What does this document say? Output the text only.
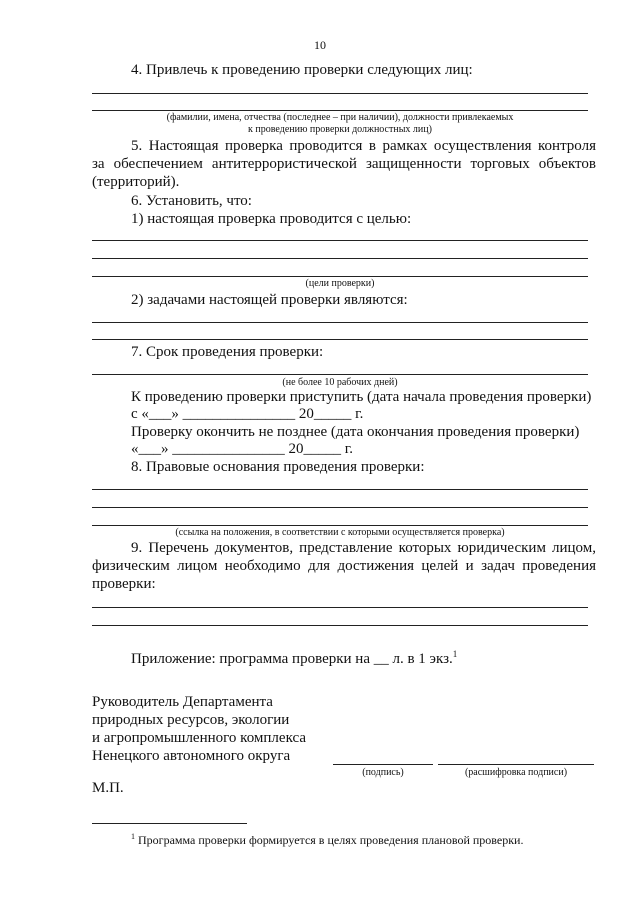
10
4. Привлечь к проведению проверки следующих лиц:
(фамилии, имена, отчества (последнее – при наличии), должности привлекаемых
к проведению проверки должностных лиц)
5. Настоящая проверка проводится в рамках осуществления контроля
за обеспечением антитеррористической защищенности торговых объектов
(территорий).
6. Установить, что:
1) настоящая проверка проводится с целью:
(цели проверки)
2) задачами настоящей проверки являются:
7. Срок проведения проверки:
(не более 10 рабочих дней)
К проведению проверки приступить (дата начала проведения проверки)
с «___» _______________ 20_____ г.
Проверку окончить не позднее (дата окончания проведения проверки)
«___» _______________ 20_____ г.
8. Правовые основания проведения проверки:
(ссылка на положения, в соответствии с которыми осуществляется проверка)
9. Перечень документов, представление которых юридическим лицом,
физическим лицом необходимо для достижения целей и задач проведения
проверки:
Приложение: программа проверки на __ л. в 1 экз.$^1$
Руководитель Департамента
природных ресурсов, экологии
и агропромышленного комплекса
Ненецкого автономного округа
(подпись)	(расшифровка подписи)
М.П.
$^1$ Программа проверки формируется в целях проведения плановой проверки.
